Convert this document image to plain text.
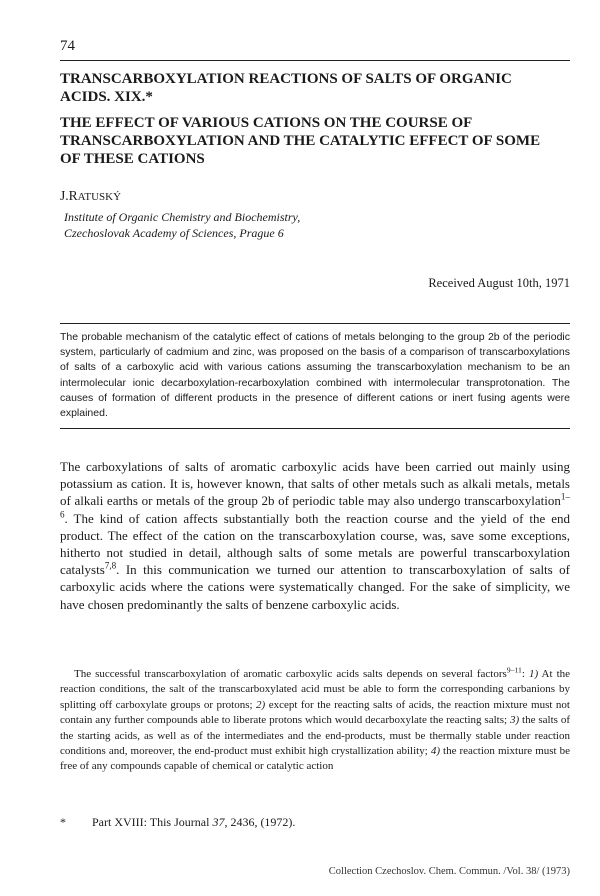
74
TRANSCARBOXYLATION REACTIONS OF SALTS OF ORGANIC ACIDS. XIX.*
THE EFFECT OF VARIOUS CATIONS ON THE COURSE OF TRANSCARBOXYLATION AND THE CATALYTIC EFFECT OF SOME OF THESE CATIONS
J.RATUSKÝ
Institute of Organic Chemistry and Biochemistry,
Czechoslovak Academy of Sciences, Prague 6
Received August 10th, 1971

The probable mechanism of the catalytic effect of cations of metals belonging to the group 2b of the periodic system, particularly of cadmium and zinc, was proposed on the basis of a comparison of transcarboxylations of salts of a carboxylic acid with various cations assuming the transcarboxylation mechanism to be an intermolecular ionic decarboxylation-recarboxylation combined with intermolecular transprotonation. The causes of formation of different products in the presence of different cations or inert fusing agents were explained.

The carboxylations of salts of aromatic carboxylic acids have been carried out mainly using potassium as cation. It is, however known, that salts of other metals such as alkali metals, metals of alkali earths or metals of the group 2b of periodic table may also undergo transcarboxylation$^{1-6}$. The kind of cation affects substantially both the reaction course and the yield of the end product. The effect of the cation on the transcarboxylation course, was, save some exceptions, hitherto not studied in detail, although salts of some metals are powerful transcarboxylation catalysts$^{7,8}$. In this communication we turned our attention to transcarboxylation of salts of carboxylic acids where the cations were systematically changed. For the sake of simplicity, we have chosen predominantly the salts of benzene carboxylic acids.

The successful transcarboxylation of aromatic carboxylic acids salts depends on several factors$^{9-11}$: 1) At the reaction conditions, the salt of the transcarboxylated acid must be able to form the corresponding carbanions by splitting off carboxylate groups or protons; 2) except for the reacting salts of acids, the reaction mixture must not contain any further compounds able to liberate protons which would decarboxylate the reacting salts; 3) the salts of the starting acids, as well as of the intermediates and the end-products, must be thermally stable under reaction conditions and, moreover, the end-product must exhibit high crystallization ability; 4) the reaction mixture must be free of any compounds capable of chemical or catalytic action

* Part XVIII: This Journal 37, 2436, (1972).
Collection Czechoslov. Chem. Commun. /Vol. 38/ (1973)
